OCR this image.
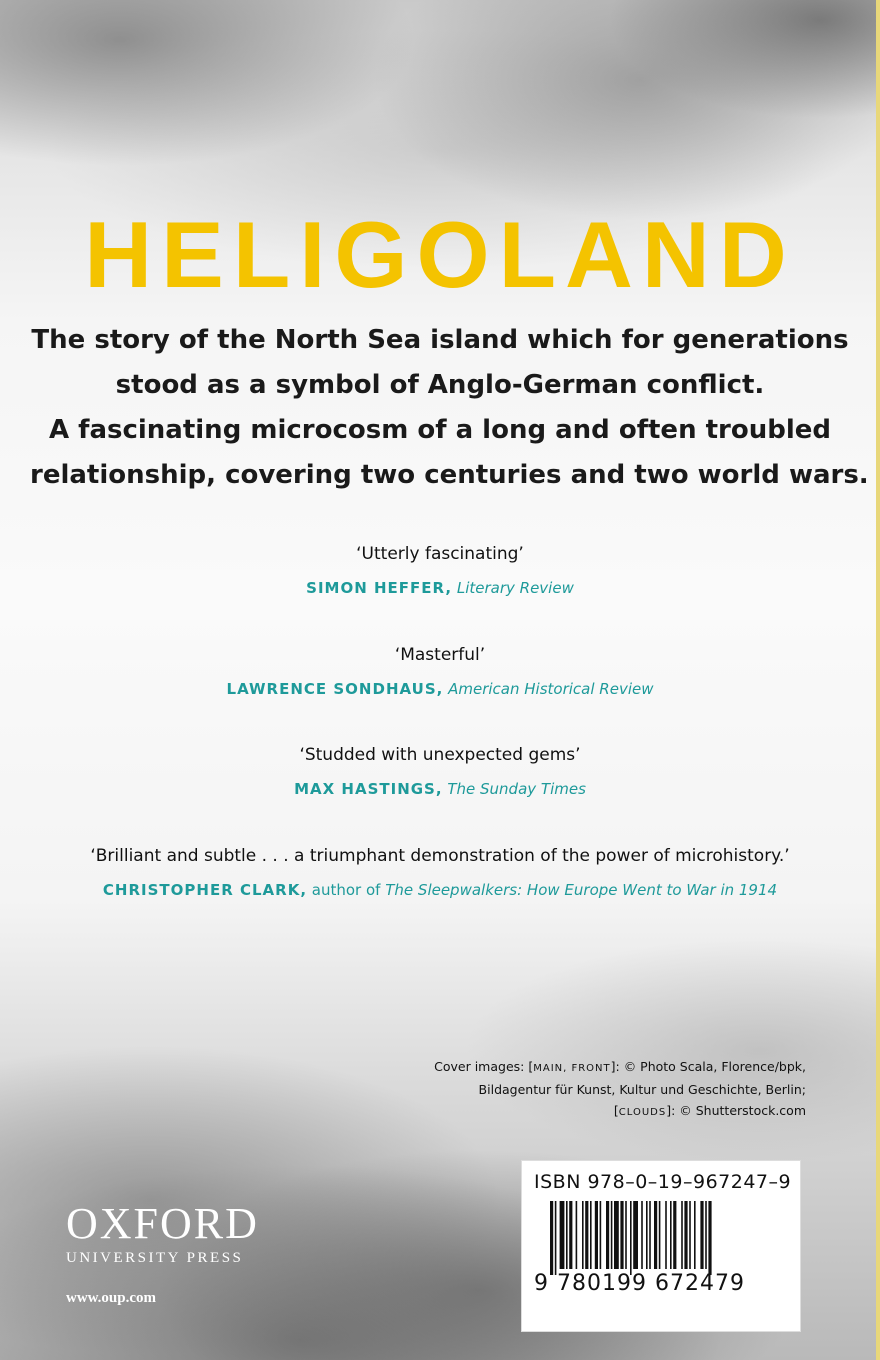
HELIGOLAND
The story of the North Sea island which for generations
stood as a symbol of Anglo-German conflict.
A fascinating microcosm of a long and often troubled
relationship, covering two centuries and two world wars.
‘Utterly fascinating’
SIMON HEFFER, Literary Review
‘Masterful’
LAWRENCE SONDHAUS, American Historical Review
‘Studded with unexpected gems’
MAX HASTINGS, The Sunday Times
‘Brilliant and subtle . . . a triumphant demonstration of the power of microhistory.’
CHRISTOPHER CLARK, author of The Sleepwalkers: How Europe Went to War in 1914
Cover images: [MAIN, FRONT]: © Photo Scala, Florence/bpk,
Bildagentur für Kunst, Kultur und Geschichte, Berlin;
[CLOUDS]: © Shutterstock.com
OXFORD
UNIVERSITY PRESS
www.oup.com
ISBN 978–0–19–967247–9
9 780199 672479
